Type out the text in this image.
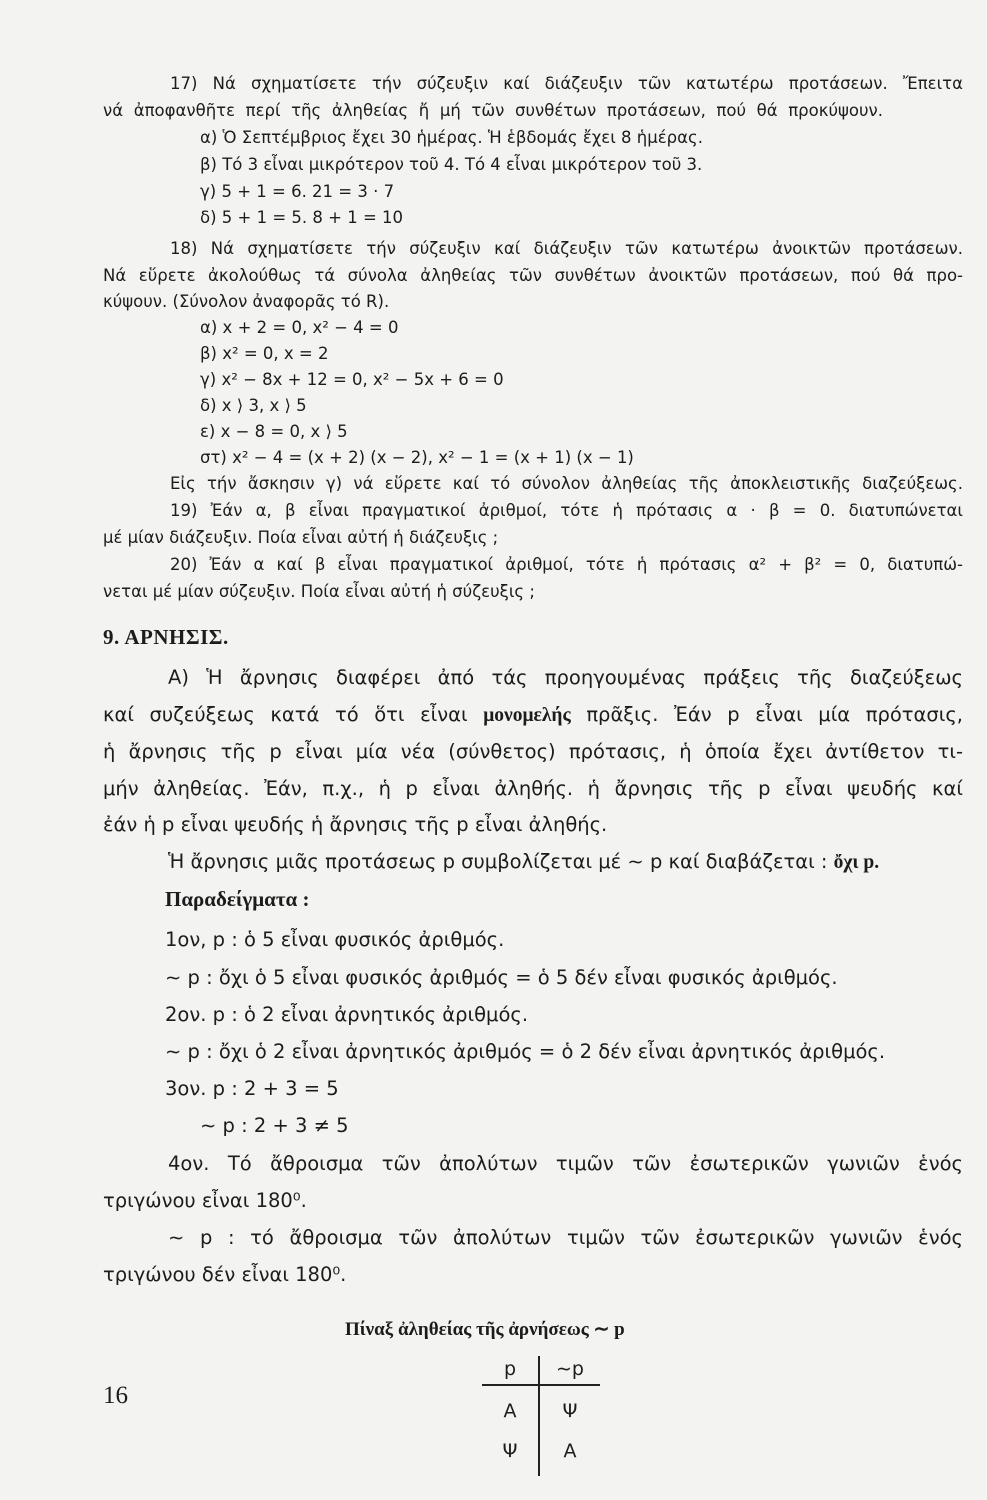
17) Νά σχηματίσετε τήν σύζευξιν καί διάζευξιν τῶν κατωτέρω προτάσεων. Ἔπειτα
νά ἀποφανθῆτε περί τῆς ἀληθείας ἤ μή τῶν συνθέτων προτάσεων, πού θά προκύψουν.
α) Ὁ Σεπτέμβριος ἔχει 30 ἡμέρας. Ἡ ἑβδομάς ἔχει 8 ἡμέρας.
β) Τό 3 εἶναι μικρότερον τοῦ 4. Τό 4 εἶναι μικρότερον τοῦ 3.
γ) 5 + 1 = 6. 21 = 3 · 7
δ) 5 + 1 = 5. 8 + 1 = 10
18) Νά σχηματίσετε τήν σύζευξιν καί διάζευξιν τῶν κατωτέρω ἀνοικτῶν προτάσεων.
Νά εὕρετε ἀκολούθως τά σύνολα ἀληθείας τῶν συνθέτων ἀνοικτῶν προτάσεων, πού θά προ-
κύψουν. (Σύνολον ἀναφορᾶς τό R).
α) x + 2 = 0, x² − 4 = 0
β) x² = 0, x = 2
γ) x² − 8x + 12 = 0, x² − 5x + 6 = 0
δ) x ⟩ 3, x ⟩ 5
ε) x − 8 = 0, x ⟩ 5
στ) x² − 4 = (x + 2) (x − 2), x² − 1 = (x + 1) (x − 1)
Εἰς τήν ἄσκησιν γ) νά εὕρετε καί τό σύνολον ἀληθείας τῆς ἀποκλειστικῆς διαζεύξεως.
19) Ἐάν α, β εἶναι πραγματικοί ἀριθμοί, τότε ἡ πρότασις α · β = 0. διατυπώνεται
μέ μίαν διάζευξιν. Ποία εἶναι αὐτή ἡ διάζευξις ;
20) Ἐάν α καί β εἶναι πραγματικοί ἀριθμοί, τότε ἡ πρότασις α² + β² = 0, διατυπώ-
νεται μέ μίαν σύζευξιν. Ποία εἶναι αὐτή ἡ σύζευξις ;
9. ΑΡΝΗΣΙΣ.
Α) Ἡ ἄρνησις διαφέρει ἀπό τάς προηγουμένας πράξεις τῆς διαζεύξεως
καί συζεύξεως κατά τό ὅτι εἶναι μονομελής πρᾶξις. Ἐάν p εἶναι μία πρότασις,
ἡ ἄρνησις τῆς p εἶναι μία νέα (σύνθετος) πρότασις, ἡ ὁποία ἔχει ἀντίθετον τι-
μήν ἀληθείας. Ἐάν, π.χ., ἡ p εἶναι ἀληθής. ἡ ἄρνησις τῆς p εἶναι ψευδής καί
ἐάν ἡ p εἶναι ψευδής ἡ ἄρνησις τῆς p εἶναι ἀληθής.
Ἡ ἄρνησις μιᾶς προτάσεως p συμβολίζεται μέ ∼ p καί διαβάζεται : ὄχι p.
Παραδείγματα :
1ον, p : ὁ 5 εἶναι φυσικός ἀριθμός.
∼ p : ὄχι ὁ 5 εἶναι φυσικός ἀριθμός = ὁ 5 δέν εἶναι φυσικός ἀριθμός.
2ον. p : ὁ 2 εἶναι ἀρνητικός ἀριθμός.
∼ p : ὄχι ὁ 2 εἶναι ἀρνητικός ἀριθμός = ὁ 2 δέν εἶναι ἀρνητικός ἀριθμός.
3ον. p : 2 + 3 = 5
∼ p : 2 + 3 ≠ 5
4ον. Τό ἄθροισμα τῶν ἀπολύτων τιμῶν τῶν ἐσωτερικῶν γωνιῶν ἑνός
τριγώνου εἶναι 180⁰.
∼ p : τό ἄθροισμα τῶν ἀπολύτων τιμῶν τῶν ἐσωτερικῶν γωνιῶν ἑνός
τριγώνου δέν εἶναι 180⁰.
Πίναξ ἀληθείας τῆς ἀρνήσεως ∼ p
p	∼p
Α	Ψ
Ψ	Α
16
